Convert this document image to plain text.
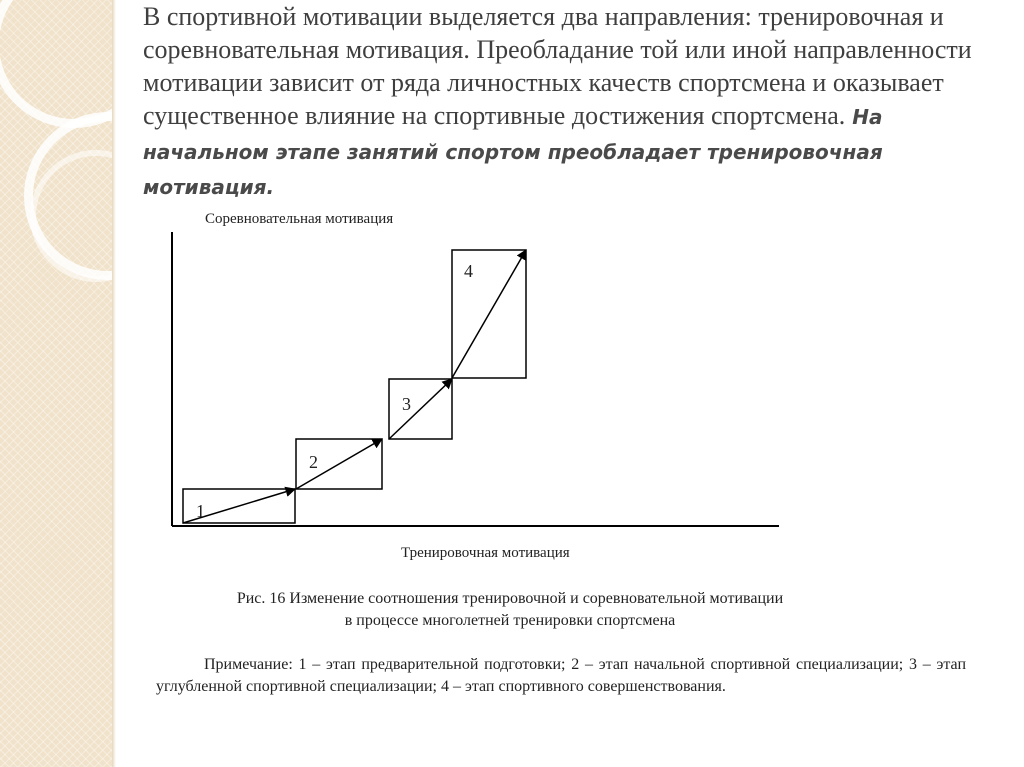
В спортивной мотивации выделяется два направления: тренировочная и соревновательная мотивация. Преобладание той или иной направленности мотивации зависит от ряда личностных качеств спортсмена и оказывает существенное влияние на спортивные достижения спортсмена. На начальном этапе занятий спортом преобладает тренировочная мотивация.
Соревновательная мотивация
1
2
3
4
Тренировочная мотивация
Рис. 16 Изменение соотношения тренировочной и соревновательной мотивации
в процессе многолетней тренировки спортсмена
Примечание: 1 – этап предварительной подготовки; 2 – этап начальной спортивной специализации; 3 – этап углубленной спортивной специализации; 4 – этап спортивного совершенствования.
